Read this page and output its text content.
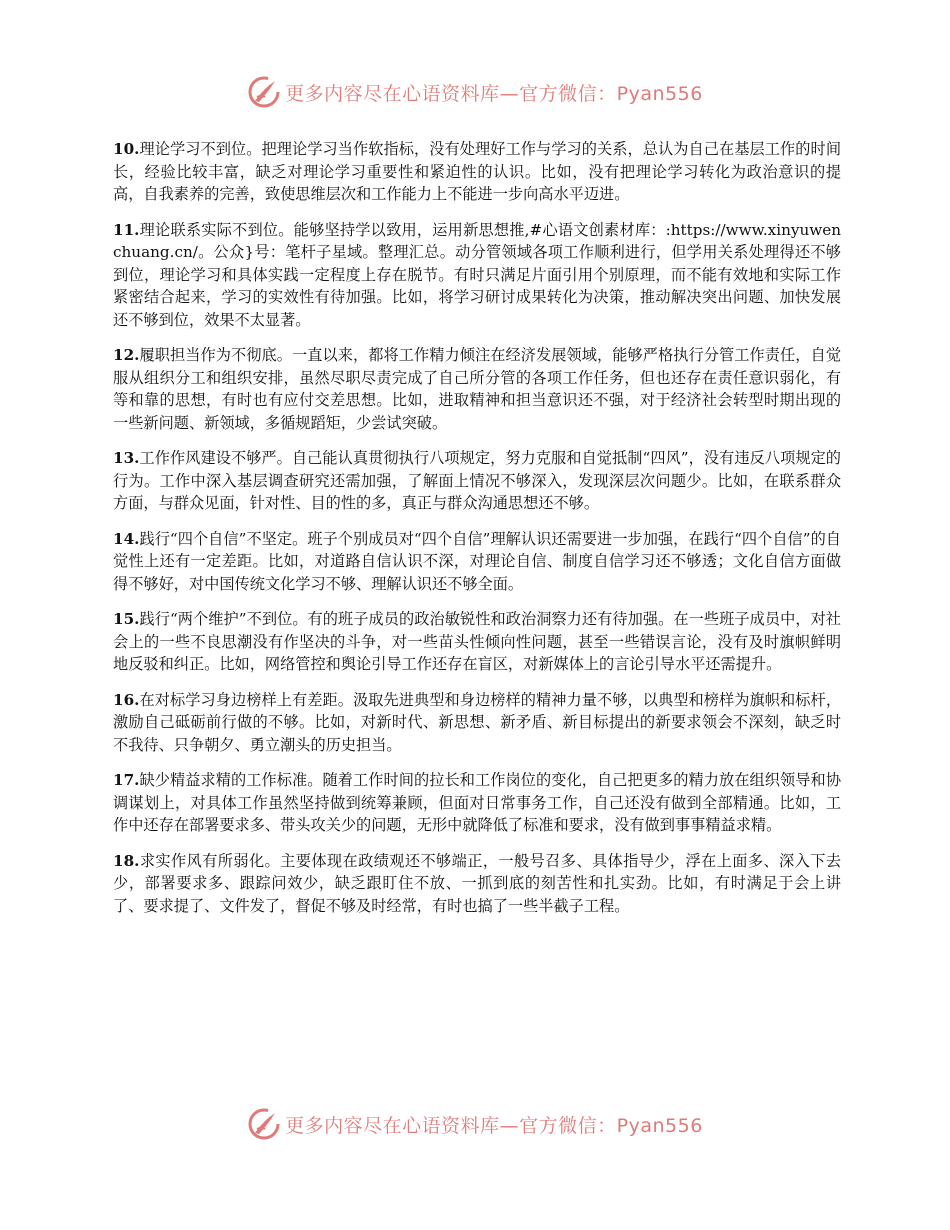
更多内容尽在心语资料库—官方微信：Pyan556

10.理论学习不到位。把理论学习当作软指标，没有处理好工作与学习的关系，总认为自己在基层工作的时间长，经验比较丰富，缺乏对理论学习重要性和紧迫性的认识。比如，没有把理论学习转化为政治意识的提高，自我素养的完善，致使思维层次和工作能力上不能进一步向高水平迈进。

11.理论联系实际不到位。能够坚持学以致用，运用新思想推,#心语文创素材库：:https://www.xinyuwenchuang.cn/。公众}号：笔杆子星域。整理汇总。动分管领域各项工作顺利进行，但学用关系处理得还不够到位，理论学习和具体实践一定程度上存在脱节。有时只满足片面引用个别原理，而不能有效地和实际工作紧密结合起来，学习的实效性有待加强。比如，将学习研讨成果转化为决策，推动解决突出问题、加快发展还不够到位，效果不太显著。

12.履职担当作为不彻底。一直以来，都将工作精力倾注在经济发展领域，能够严格执行分管工作责任，自觉服从组织分工和组织安排，虽然尽职尽责完成了自己所分管的各项工作任务，但也还存在责任意识弱化，有等和靠的思想，有时也有应付交差思想。比如，进取精神和担当意识还不强，对于经济社会转型时期出现的一些新问题、新领域，多循规蹈矩，少尝试突破。

13.工作作风建设不够严。自己能认真贯彻执行八项规定，努力克服和自觉抵制“四风”，没有违反八项规定的行为。工作中深入基层调查研究还需加强，了解面上情况不够深入，发现深层次问题少。比如，在联系群众方面，与群众见面，针对性、目的性的多，真正与群众沟通思想还不够。

14.践行“四个自信”不坚定。班子个别成员对“四个自信”理解认识还需要进一步加强，在践行“四个自信”的自觉性上还有一定差距。比如，对道路自信认识不深，对理论自信、制度自信学习还不够透；文化自信方面做得不够好，对中国传统文化学习不够、理解认识还不够全面。

15.践行“两个维护”不到位。有的班子成员的政治敏锐性和政治洞察力还有待加强。在一些班子成员中，对社会上的一些不良思潮没有作坚决的斗争，对一些苗头性倾向性问题，甚至一些错误言论，没有及时旗帜鲜明地反驳和纠正。比如，网络管控和舆论引导工作还存在盲区，对新媒体上的言论引导水平还需提升。

16.在对标学习身边榜样上有差距。汲取先进典型和身边榜样的精神力量不够，以典型和榜样为旗帜和标杆，激励自己砥砺前行做的不够。比如，对新时代、新思想、新矛盾、新目标提出的新要求领会不深刻，缺乏时不我待、只争朝夕、勇立潮头的历史担当。

17.缺少精益求精的工作标准。随着工作时间的拉长和工作岗位的变化，自己把更多的精力放在组织领导和协调谋划上，对具体工作虽然坚持做到统筹兼顾，但面对日常事务工作，自己还没有做到全部精通。比如，工作中还存在部署要求多、带头攻关少的问题，无形中就降低了标准和要求，没有做到事事精益求精。

18.求实作风有所弱化。主要体现在政绩观还不够端正，一般号召多、具体指导少，浮在上面多、深入下去少，部署要求多、跟踪问效少，缺乏跟盯住不放、一抓到底的刻苦性和扎实劲。比如，有时满足于会上讲了、要求提了、文件发了，督促不够及时经常，有时也搞了一些半截子工程。

更多内容尽在心语资料库—官方微信：Pyan556
